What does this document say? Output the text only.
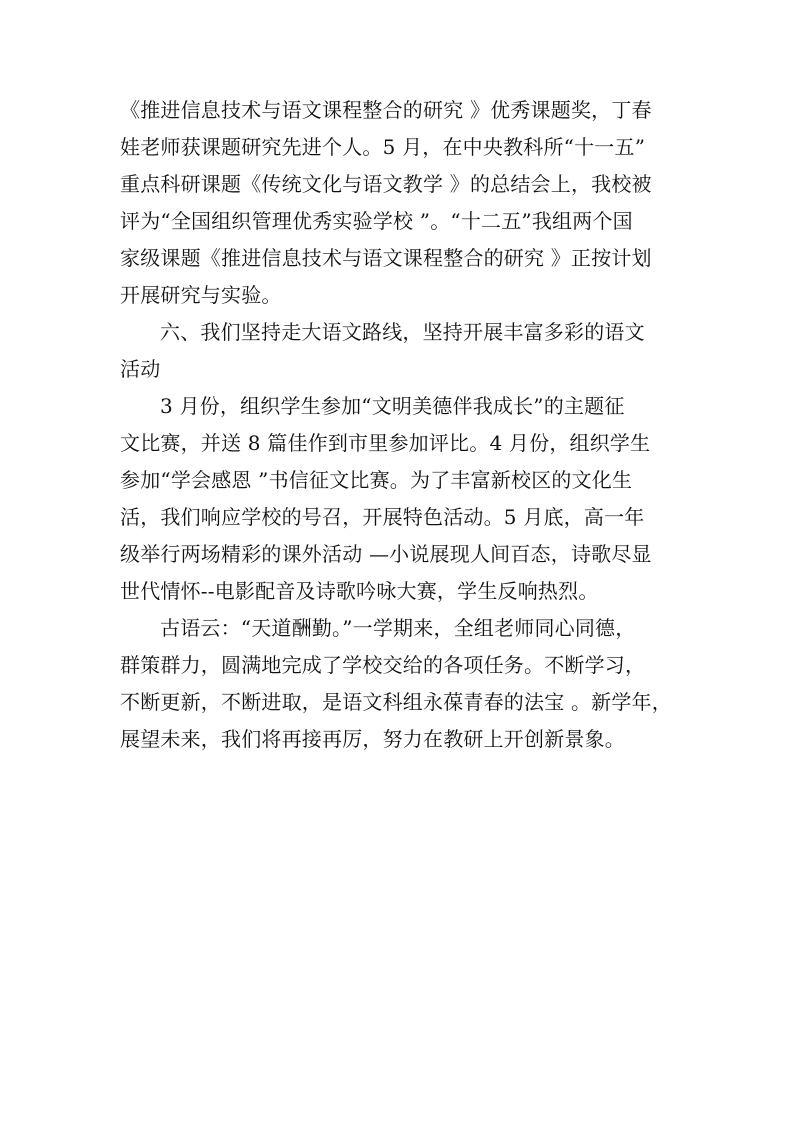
《推进信息技术与语文课程整合的研究 》优秀课题奖，丁春
娃老师获课题研究先进个人。5 月，在中央教科所“十一五”
重点科研课题《传统文化与语文教学 》的总结会上，我校被
评为“全国组织管理优秀实验学校 ”。“十二五”我组两个国
家级课题《推进信息技术与语文课程整合的研究 》正按计划
开展研究与实验。
六、我们坚持走大语文路线，坚持开展丰富多彩的语文
活动
3 月份，组织学生参加“文明美德伴我成长”的主题征
文比赛，并送 8 篇佳作到市里参加评比。4 月份，组织学生
参加“学会感恩 ”书信征文比赛。为了丰富新校区的文化生
活，我们响应学校的号召，开展特色活动。5 月底，高一年
级举行两场精彩的课外活动 —小说展现人间百态，诗歌尽显
世代情怀--电影配音及诗歌吟咏大赛，学生反响热烈。
古语云：“天道酬勤。”一学期来，全组老师同心同德，
群策群力，圆满地完成了学校交给的各项任务。不断学习，
不断更新，不断进取，是语文科组永葆青春的法宝 。新学年，
展望未来，我们将再接再厉，努力在教研上开创新景象。
